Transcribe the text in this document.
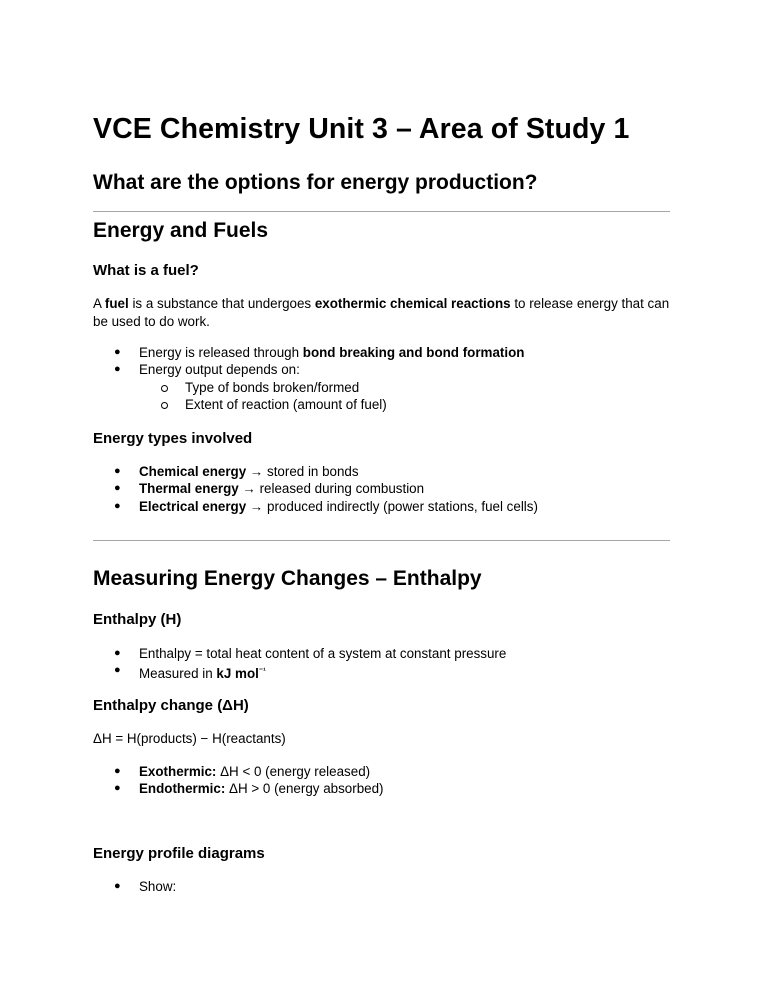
VCE Chemistry Unit 3 – Area of Study 1
What are the options for energy production?
Energy and Fuels
What is a fuel?
A fuel is a substance that undergoes exothermic chemical reactions to release energy that can be used to do work.
● Energy is released through bond breaking and bond formation
● Energy output depends on:
Type of bonds broken/formed
Extent of reaction (amount of fuel)
Energy types involved
● Chemical energy → stored in bonds
● Thermal energy → released during combustion
● Electrical energy → produced indirectly (power stations, fuel cells)
Measuring Energy Changes – Enthalpy
Enthalpy (H)
● Enthalpy = total heat content of a system at constant pressure
● Measured in kJ mol$^{^{-1}}$
Enthalpy change (ΔH)
ΔH = H(products) − H(reactants)
● Exothermic: ΔH < 0 (energy released)
● Endothermic: ΔH > 0 (energy absorbed)
Energy profile diagrams
● Show:
